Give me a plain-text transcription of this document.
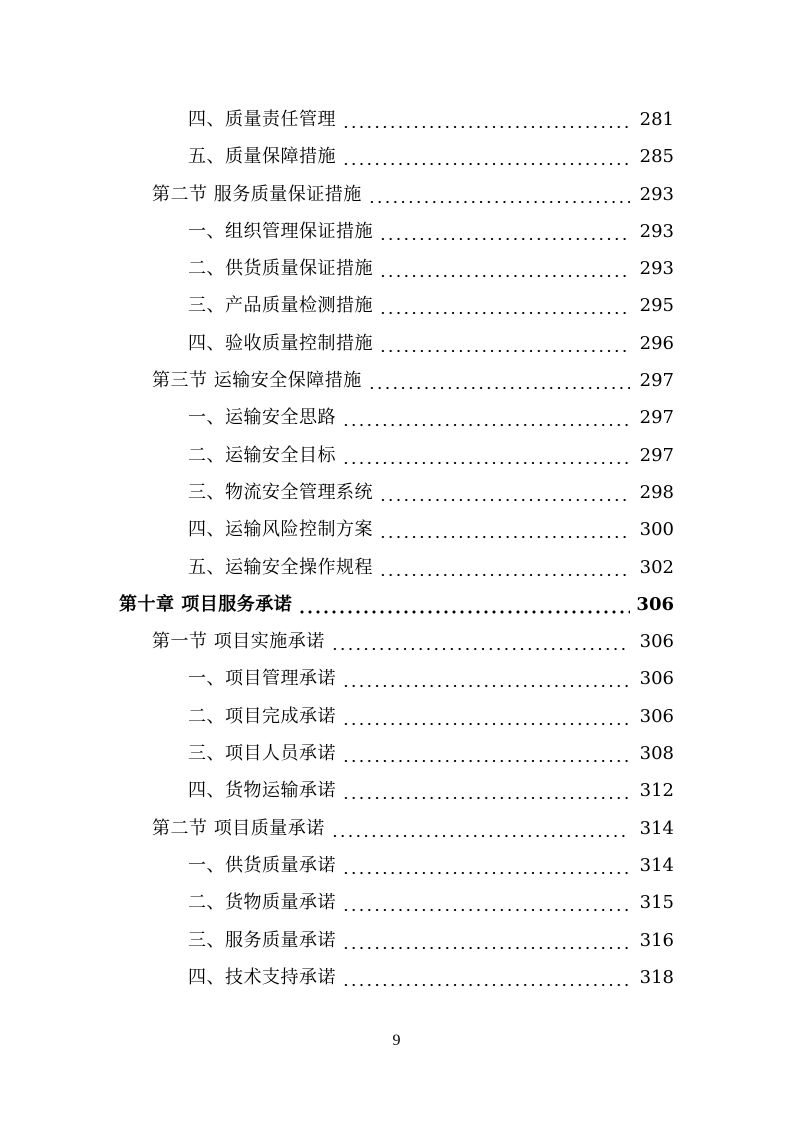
四、质量责任管理	281
五、质量保障措施	285
第二节 服务质量保证措施	293
一、组织管理保证措施	293
二、供货质量保证措施	293
三、产品质量检测措施	295
四、验收质量控制措施	296
第三节 运输安全保障措施	297
一、运输安全思路	297
二、运输安全目标	297
三、物流安全管理系统	298
四、运输风险控制方案	300
五、运输安全操作规程	302
第十章 项目服务承诺	306
第一节 项目实施承诺	306
一、项目管理承诺	306
二、项目完成承诺	306
三、项目人员承诺	308
四、货物运输承诺	312
第二节 项目质量承诺	314
一、供货质量承诺	314
二、货物质量承诺	315
三、服务质量承诺	316
四、技术支持承诺	318
9
